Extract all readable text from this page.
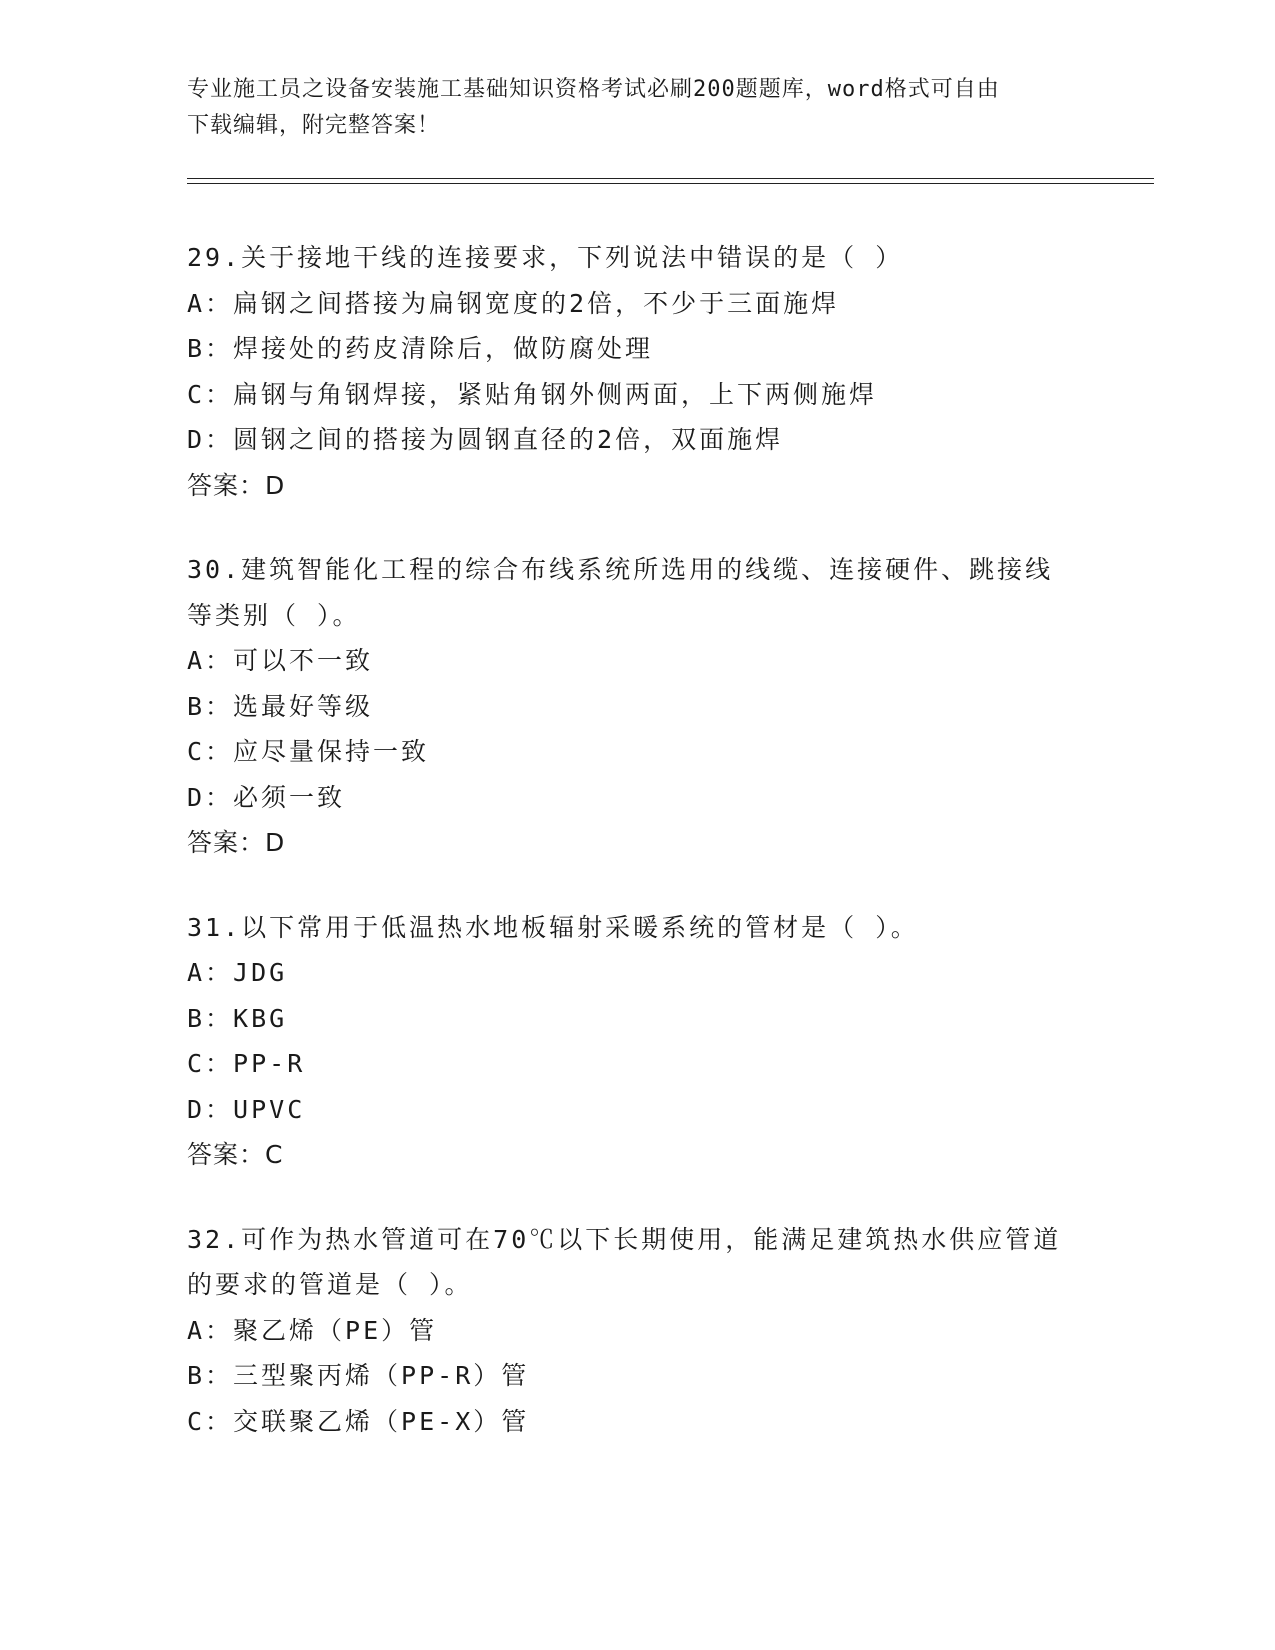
专业施工员之设备安装施工基础知识资格考试必刷200题题库，word格式可自由
下载编辑，附完整答案！

29.关于接地干线的连接要求，下列说法中错误的是（ ）

A：扁钢之间搭接为扁钢宽度的2倍，不少于三面施焊

B：焊接处的药皮清除后，做防腐处理

C：扁钢与角钢焊接，紧贴角钢外侧两面，上下两侧施焊

D：圆钢之间的搭接为圆钢直径的2倍，双面施焊

答案：D

30.建筑智能化工程的综合布线系统所选用的线缆、连接硬件、跳接线

等类别（ ）。

A：可以不一致

B：选最好等级

C：应尽量保持一致

D：必须一致

答案：D

31.以下常用于低温热水地板辐射采暖系统的管材是（ ）。

A：JDG

B：KBG

C：PP-R

D：UPVC

答案：C

32.可作为热水管道可在70℃以下长期使用，能满足建筑热水供应管道

的要求的管道是（ ）。

A：聚乙烯（PE）管

B：三型聚丙烯（PP-R）管

C：交联聚乙烯（PE-X）管
